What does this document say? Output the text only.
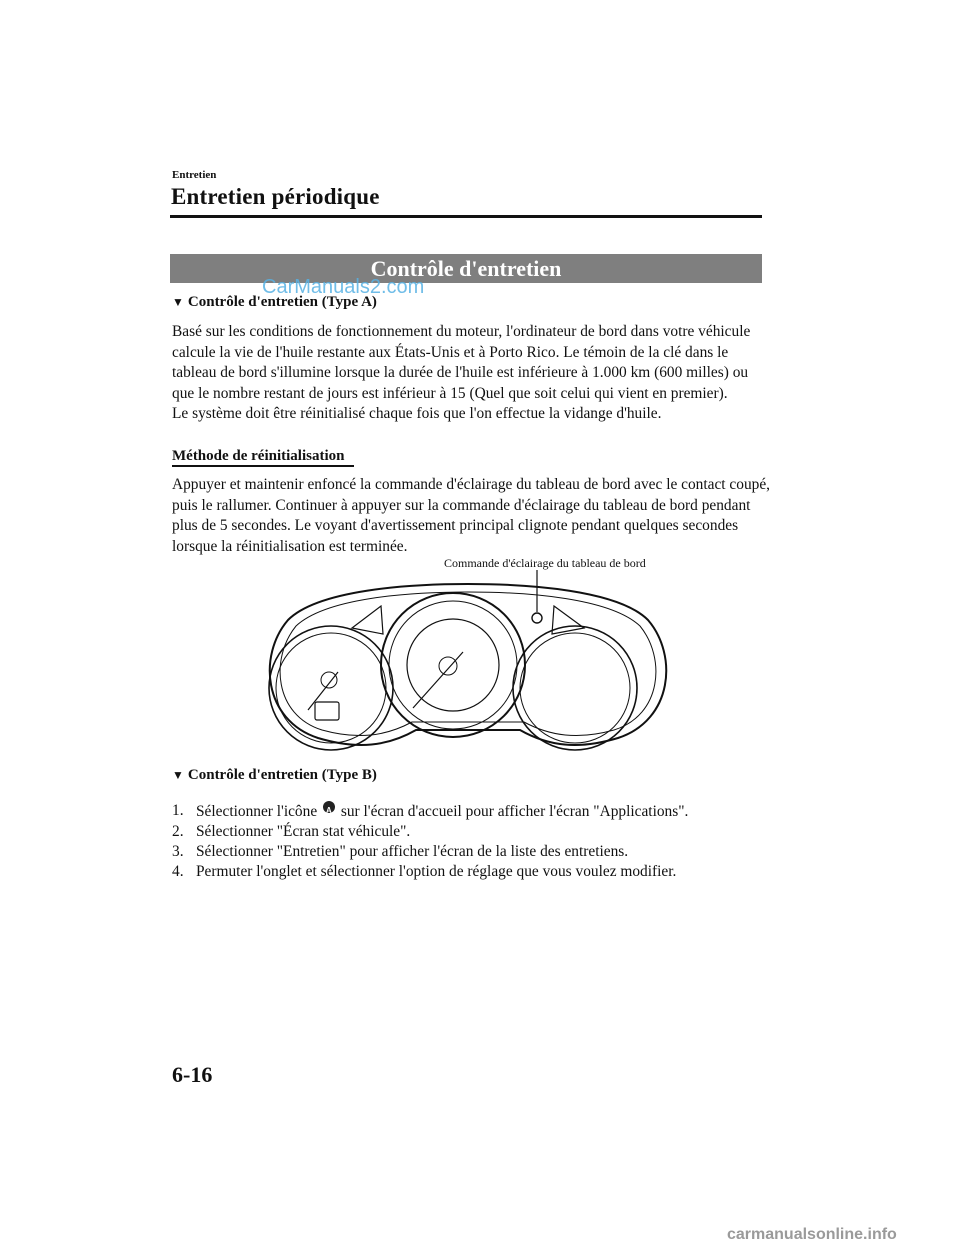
Entretien
Entretien périodique
Contrôle d'entretien
CarManuals2.com
▼ Contrôle d'entretien (Type A)

Basé sur les conditions de fonctionnement du moteur, l'ordinateur de bord dans votre véhicule calcule la vie de l'huile restante aux États-Unis et à Porto Rico. Le témoin de la clé dans le tableau de bord s'illumine lorsque la durée de l'huile est inférieure à 1.000 km (600 milles) ou que le nombre restant de jours est inférieur à 15 (Quel que soit celui qui vient en premier).

Le système doit être réinitialisé chaque fois que l'on effectue la vidange d'huile.

Méthode de réinitialisation

Appuyer et maintenir enfoncé la commande d'éclairage du tableau de bord avec le contact coupé, puis le rallumer. Continuer à appuyer sur la commande d'éclairage du tableau de bord pendant plus de 5 secondes. Le voyant d'avertissement principal clignote pendant quelques secondes lorsque la réinitialisation est terminée.

Commande d'éclairage du tableau de bord
▼ Contrôle d'entretien (Type B)
1. Sélectionner l'icône A sur l'écran d'accueil pour afficher l'écran "Applications".
2. Sélectionner "Écran stat véhicule".
3. Sélectionner "Entretien" pour afficher l'écran de la liste des entretiens.
4. Permuter l'onglet et sélectionner l'option de réglage que vous voulez modifier.
6-16
carmanualsonline.info
